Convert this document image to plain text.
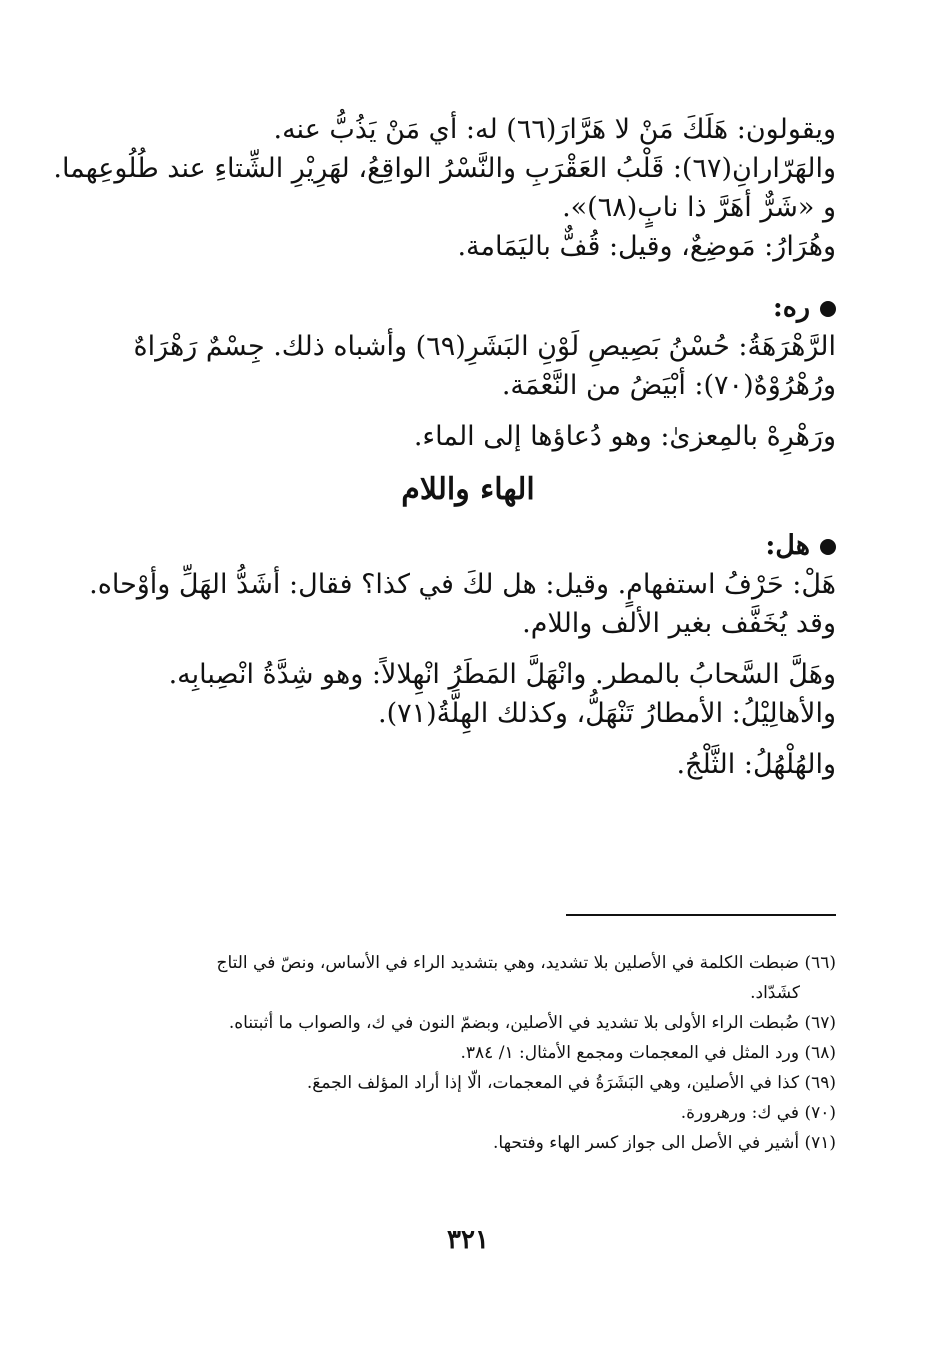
ويقولون: هَلَكَ مَنْ لا هَرَّارَ(٦٦) له: أي مَنْ يَذُبُّ عنه.

والهَرّارانِ(٦٧): قَلْبُ العَقْرَبِ والنَّسْرُ الواقِعُ، لهَرِيْرِ الشِّتاءِ عند طُلُوعِهما.

و «شَرٌّ أهَرَّ ذا نابٍ(٦٨)».

وهُرَارُ: مَوضِعٌ، وقيل: قُفٌّ باليَمَامة.

ره:

الرَّهْرَهَةُ: حُسْنُ بَصِيصِ لَوْنِ البَشَرِ(٦٩) وأشباه ذلك. جِسْمٌ رَهْرَاهٌ

ورُهْرُوْهٌ(٧٠): أبْيَضُ من النَّعْمَة.

ورَهْرِهْ بالمِعزىٰ: وهو دُعاؤها إلى الماء.

الهاء واللام

هل:

هَلْ: حَرْفُ استفهامٍ. وقيل: هل لكَ في كذا؟ فقال: أشَدُّ الهَلِّ وأوْحاه.

وقد يُخَفَّف بغير الألف واللام.

وهَلَّ السَّحابُ بالمطر. وانْهَلَّ المَطَرُ انْهِلالاً: وهو شِدَّةُ انْصِبابِه.

والأهالِيْلُ: الأمطارُ تَنْهَلُّ، وكذلك الهِلَّةُ(٧١).

والهُلْهُلُ: الثَّلْجُ.

(٦٦) ضبطت الكلمة في الأصلين بلا تشديد، وهي بتشديد الراء في الأساس، ونصّ في التاج

كشَدّاد.

(٦٧) ضُبطت الراء الأولى بلا تشديد في الأصلين، وبضمّ النون في ك، والصواب ما أثبتناه.

(٦٨) ورد المثل في المعجمات ومجمع الأمثال: ١/ ٣٨٤.

(٦٩) كذا في الأصلين، وهي البَشَرَةُ في المعجمات، الّا إذا أراد المؤلف الجمعَ.

(٧٠) في ك: ورهرورة.

(٧١) أشير في الأصل الى جواز كسر الهاء وفتحها.

٣٢١
